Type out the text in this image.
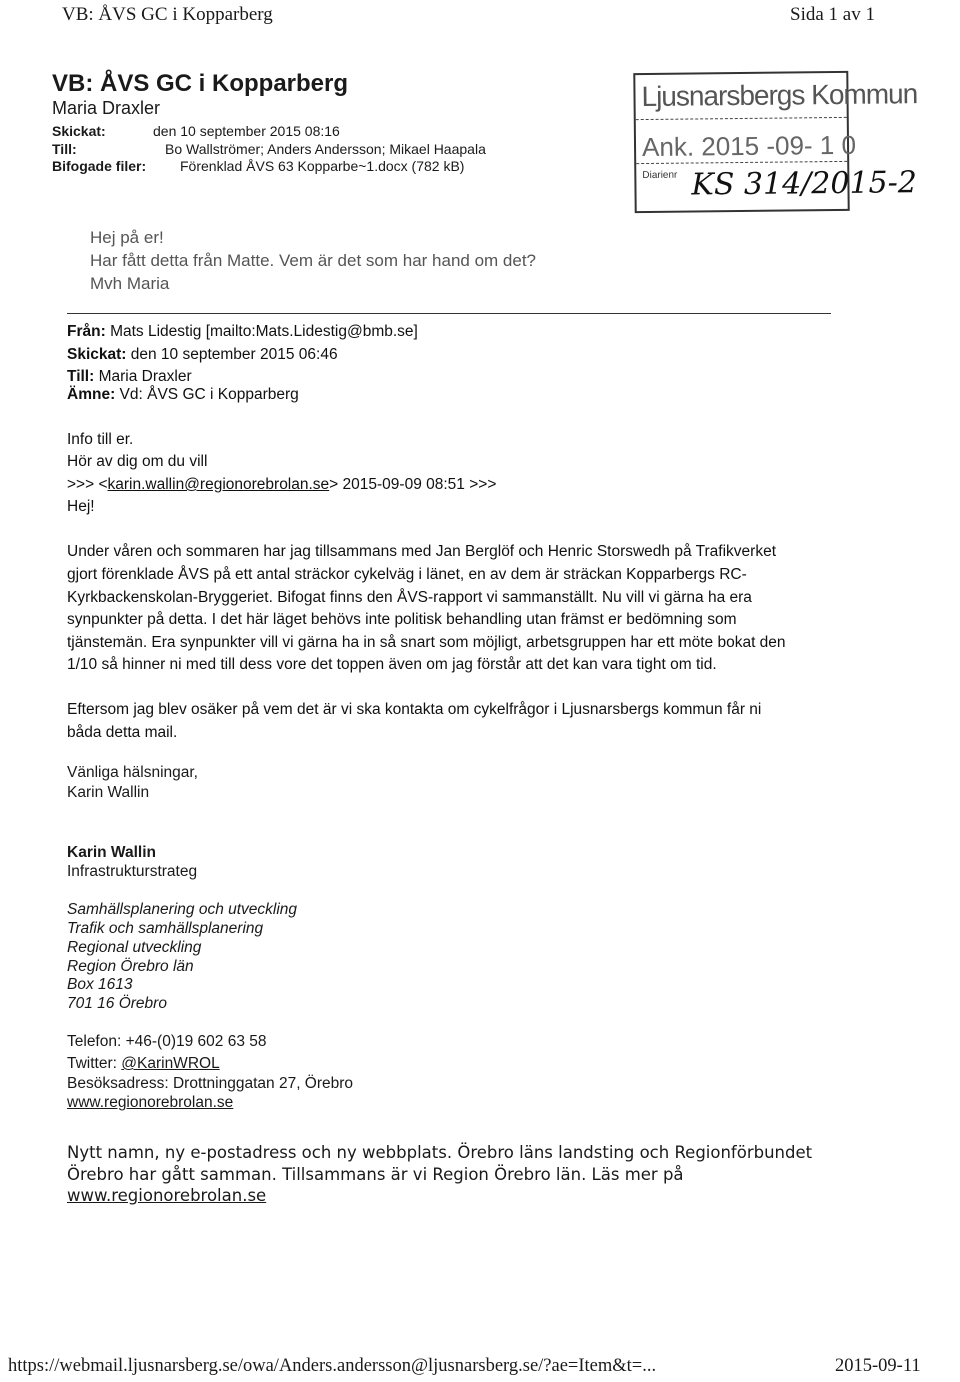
VB: ÅVS GC i Kopparberg	Sida 1 av 1
VB: ÅVS GC i Kopparberg
Maria Draxler
Skickat:	den 10 september 2015 08:16
Till:	Bo Wallströmer; Anders Andersson; Mikael Haapala
Bifogade filer: Förenklad ÅVS 63 Kopparbe~1.docx (782 kB)
Ljusnarsbergs Kommun
Ank. 2015 -09- 1 0
Diarienr KS 314/2015-2
Hej på er!
Har fått detta från Matte. Vem är det som har hand om det?
Mvh Maria
Från: Mats Lidestig [mailto:Mats.Lidestig@bmb.se]
Skickat: den 10 september 2015 06:46
Till: Maria Draxler
Ämne: Vd: ÅVS GC i Kopparberg
Info till er.
Hör av dig om du vill
>>> <karin.wallin@regionorebrolan.se> 2015-09-09 08:51 >>>
Hej!
Under våren och sommaren har jag tillsammans med Jan Berglöf och Henric Storswedh på Trafikverket
gjort förenklade ÅVS på ett antal sträckor cykelväg i länet, en av dem är sträckan Kopparbergs RC-
Kyrkbackenskolan-Bryggeriet. Bifogat finns den ÅVS-rapport vi sammanställt. Nu vill vi gärna ha era
synpunkter på detta. I det här läget behövs inte politisk behandling utan främst er bedömning som
tjänstemän. Era synpunkter vill vi gärna ha in så snart som möjligt, arbetsgruppen har ett möte bokat den
1/10 så hinner ni med till dess vore det toppen även om jag förstår att det kan vara tight om tid.
Eftersom jag blev osäker på vem det är vi ska kontakta om cykelfrågor i Ljusnarsbergs kommun får ni
båda detta mail.
Vänliga hälsningar,
Karin Wallin
Karin Wallin
Infrastrukturstrateg
Samhällsplanering och utveckling
Trafik och samhällsplanering
Regional utveckling
Region Örebro län
Box 1613
701 16 Örebro
Telefon: +46-(0)19 602 63 58
Twitter: @KarinWROL
Besöksadress: Drottninggatan 27, Örebro
www.regionorebrolan.se
Nytt namn, ny e-postadress och ny webbplats. Örebro läns landsting och Regionförbundet
Örebro har gått samman. Tillsammans är vi Region Örebro län. Läs mer på
www.regionorebrolan.se
https://webmail.ljusnarsberg.se/owa/Anders.andersson@ljusnarsberg.se/?ae=Item&t=...	2015-09-11
